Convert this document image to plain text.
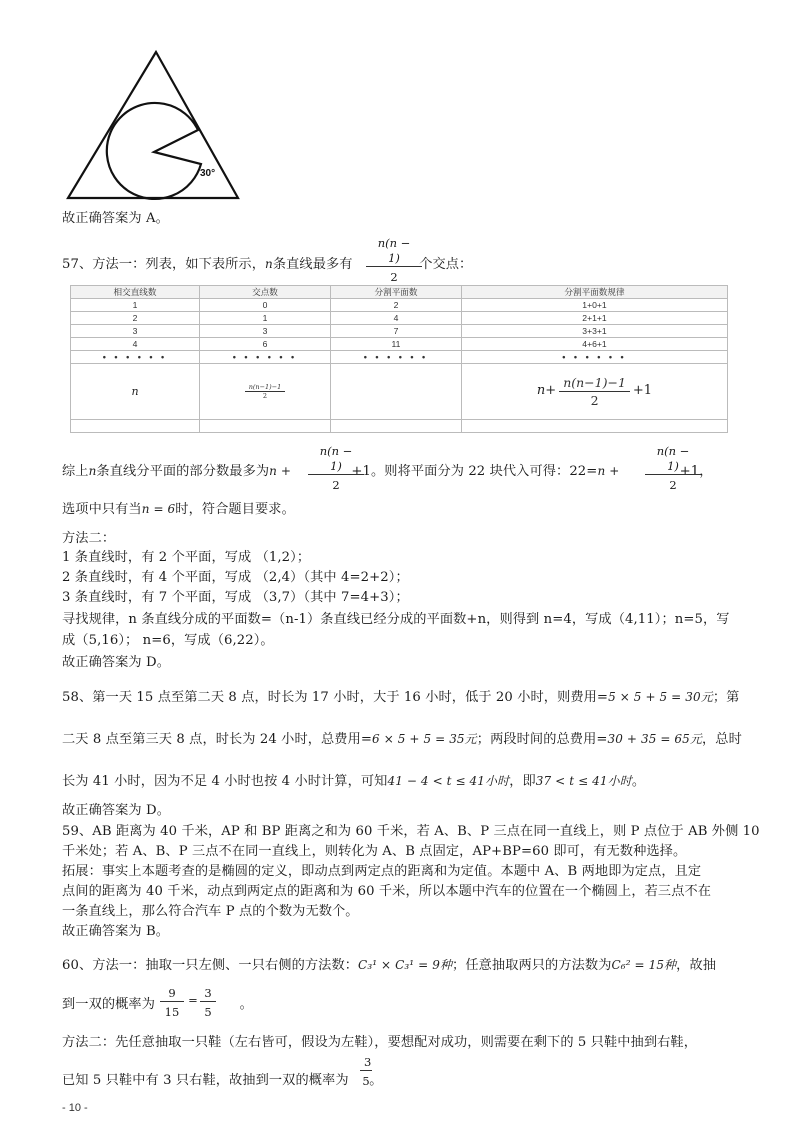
30°
故正确答案为 A。
57、方法一：列表，如下表所示，n条直线最多有	个交点：
n(n − 1)
2
相交直线数	交点数	分割平面数	分割平面数规律
1	0	2	1+0+1
2	1	4	2+1+1
3	3	7	3+3+1
4	6	11	4+6+1
• • • • • •	• • • • • •	• • • • • •	• • • • • •
n	$\frac{n(n-1)-1}{2}$		$n+ \frac{n(n-1)-1}{2} +1$

综上n条直线分平面的部分数最多为n +	+1。则将平面分为 22 块代入可得：22=n +	+1，
n(n − 1)
2
n(n − 1)
2
选项中只有当n = 6时，符合题目要求。
方法二：
1 条直线时，有 2 个平面，写成 （1,2）；
2 条直线时，有 4 个平面，写成 （2,4）（其中 4=2+2）；
3 条直线时，有 7 个平面，写成 （3,7）（其中 7=4+3）；
寻找规律，n 条直线分成的平面数=（n-1）条直线已经分成的平面数+n，则得到 n=4，写成（4,11）；n=5，写
成（5,16）； n=6，写成（6,22）。
故正确答案为 D。
58、第一天 15 点至第二天 8 点，时长为 17 小时，大于 16 小时，低于 20 小时，则费用=5 × 5 + 5 = 30元；第
二天 8 点至第三天 8 点，时长为 24 小时，总费用=6 × 5 + 5 = 35元；两段时间的总费用=30 + 35 = 65元，总时
长为 41 小时，因为不足 4 小时也按 4 小时计算，可知41 − 4 < t ≤ 41小时，即37 < t ≤ 41小时。
故正确答案为 D。
59、AB 距离为 40 千米，AP 和 BP 距离之和为 60 千米，若 A、B、P 三点在同一直线上，则 P 点位于 AB 外侧 10
千米处；若 A、B、P 三点不在同一直线上，则转化为 A、B 点固定，AP+BP=60 即可，有无数种选择。
拓展：事实上本题考查的是椭圆的定义，即动点到两定点的距离和为定值。本题中 A、B 两地即为定点，且定
点间的距离为 40 千米，动点到两定点的距离和为 60 千米，所以本题中汽车的位置在一个椭圆上，若三点不在
一条直线上，那么符合汽车 P 点的个数为无数个。
故正确答案为 B。
60、方法一：抽取一只左侧、一只右侧的方法数：C₃¹ × C₃¹ = 9种；任意抽取两只的方法数为C₆² = 15种，故抽
到一双的概率为	。
9
15
= 3
5
方法二：先任意抽取一只鞋（左右皆可，假设为左鞋），要想配对成功，则需要在剩下的 5 只鞋中抽到右鞋，
已知 5 只鞋中有 3 只右鞋，故抽到一双的概率为 。
3
5
- 10 -
